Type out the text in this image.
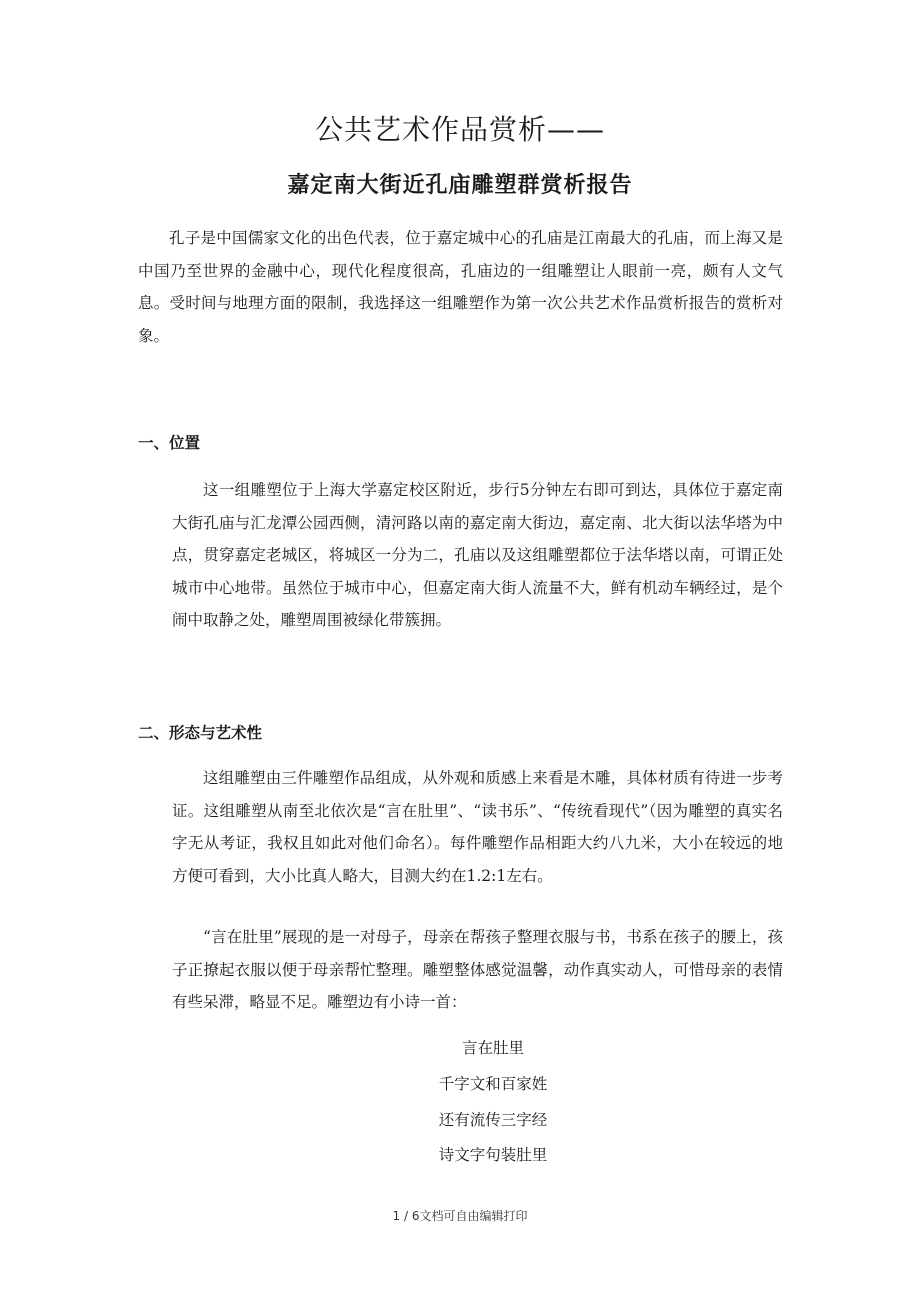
公共艺术作品赏析——
嘉定南大街近孔庙雕塑群赏析报告

孔子是中国儒家文化的出色代表，位于嘉定城中心的孔庙是江南最大的孔庙，而上海又是中国乃至世界的金融中心，现代化程度很高，孔庙边的一组雕塑让人眼前一亮，颇有人文气息。受时间与地理方面的限制，我选择这一组雕塑作为第一次公共艺术作品赏析报告的赏析对象。

一、位置

这一组雕塑位于上海大学嘉定校区附近，步行5分钟左右即可到达，具体位于嘉定南大街孔庙与汇龙潭公园西侧，清河路以南的嘉定南大街边，嘉定南、北大街以法华塔为中点，贯穿嘉定老城区，将城区一分为二，孔庙以及这组雕塑都位于法华塔以南，可谓正处城市中心地带。虽然位于城市中心，但嘉定南大街人流量不大，鲜有机动车辆经过，是个闹中取静之处，雕塑周围被绿化带簇拥。

二、形态与艺术性

这组雕塑由三件雕塑作品组成，从外观和质感上来看是木雕，具体材质有待进一步考证。这组雕塑从南至北依次是“言在肚里”、“读书乐”、“传统看现代”（因为雕塑的真实名字无从考证，我权且如此对他们命名）。每件雕塑作品相距大约八九米，大小在较远的地方便可看到，大小比真人略大，目测大约在1.2:1左右。

“言在肚里”展现的是一对母子，母亲在帮孩子整理衣服与书，书系在孩子的腰上，孩子正撩起衣服以便于母亲帮忙整理。雕塑整体感觉温馨，动作真实动人，可惜母亲的表情有些呆滞，略显不足。雕塑边有小诗一首：

言在肚里

千字文和百家姓

还有流传三字经

诗文字句装肚里

1 / 6文档可自由编辑打印
